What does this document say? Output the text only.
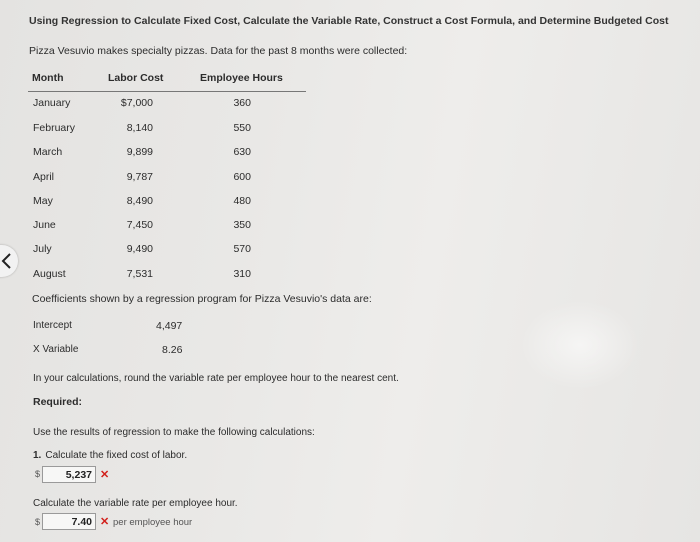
Using Regression to Calculate Fixed Cost, Calculate the Variable Rate, Construct a Cost Formula, and Determine Budgeted Cost
Pizza Vesuvio makes specialty pizzas. Data for the past 8 months were collected:
Month	Labor Cost	Employee Hours
January	$7,000	360
February	8,140	550
March	9,899	630
April	9,787	600
May	8,490	480
June	7,450	350
July	9,490	570
August	7,531	310
Coefficients shown by a regression program for Pizza Vesuvio's data are:
Intercept	4,497
X Variable	8.26
In your calculations, round the variable rate per employee hour to the nearest cent.
Required:
Use the results of regression to make the following calculations:
1. Calculate the fixed cost of labor.
$	5,237 ✕
Calculate the variable rate per employee hour.
$	7.40 ✕ per employee hour
